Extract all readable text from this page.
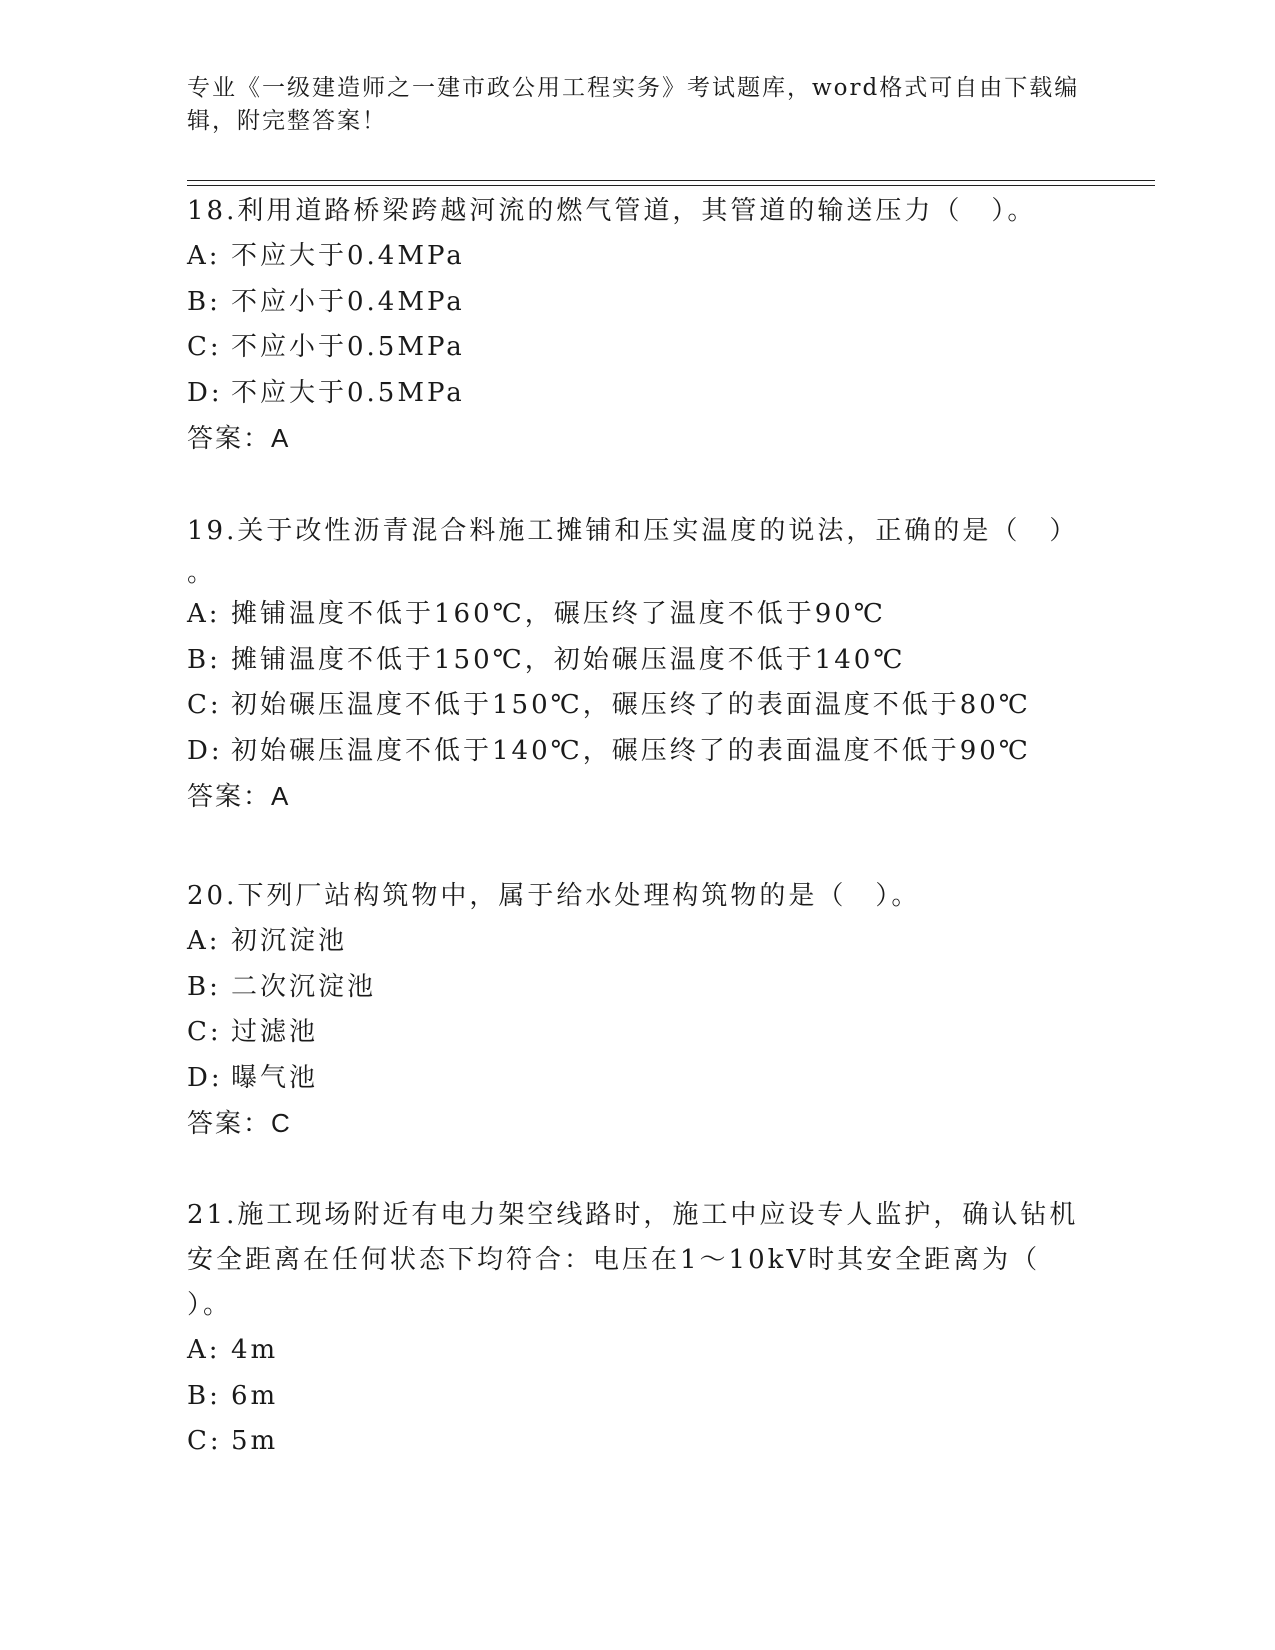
专业《一级建造师之一建市政公用工程实务》考试题库，word格式可自由下载编
辑，附完整答案！

18.利用道路桥梁跨越河流的燃气管道，其管道的输送压力（　）。

A: 不应大于0.4MPa

B: 不应小于0.4MPa

C: 不应小于0.5MPa

D: 不应大于0.5MPa

答案：A

19.关于改性沥青混合料施工摊铺和压实温度的说法，正确的是（　）

。

A: 摊铺温度不低于160℃，碾压终了温度不低于90℃

B: 摊铺温度不低于150℃，初始碾压温度不低于140℃

C: 初始碾压温度不低于150℃，碾压终了的表面温度不低于80℃

D: 初始碾压温度不低于140℃，碾压终了的表面温度不低于90℃

答案：A

20.下列厂站构筑物中，属于给水处理构筑物的是（　）。

A: 初沉淀池

B: 二次沉淀池

C: 过滤池

D: 曝气池

答案：C

21.施工现场附近有电力架空线路时，施工中应设专人监护，确认钻机

安全距离在任何状态下均符合：电压在1～10kV时其安全距离为（

）。

A: 4m

B: 6m

C: 5m
